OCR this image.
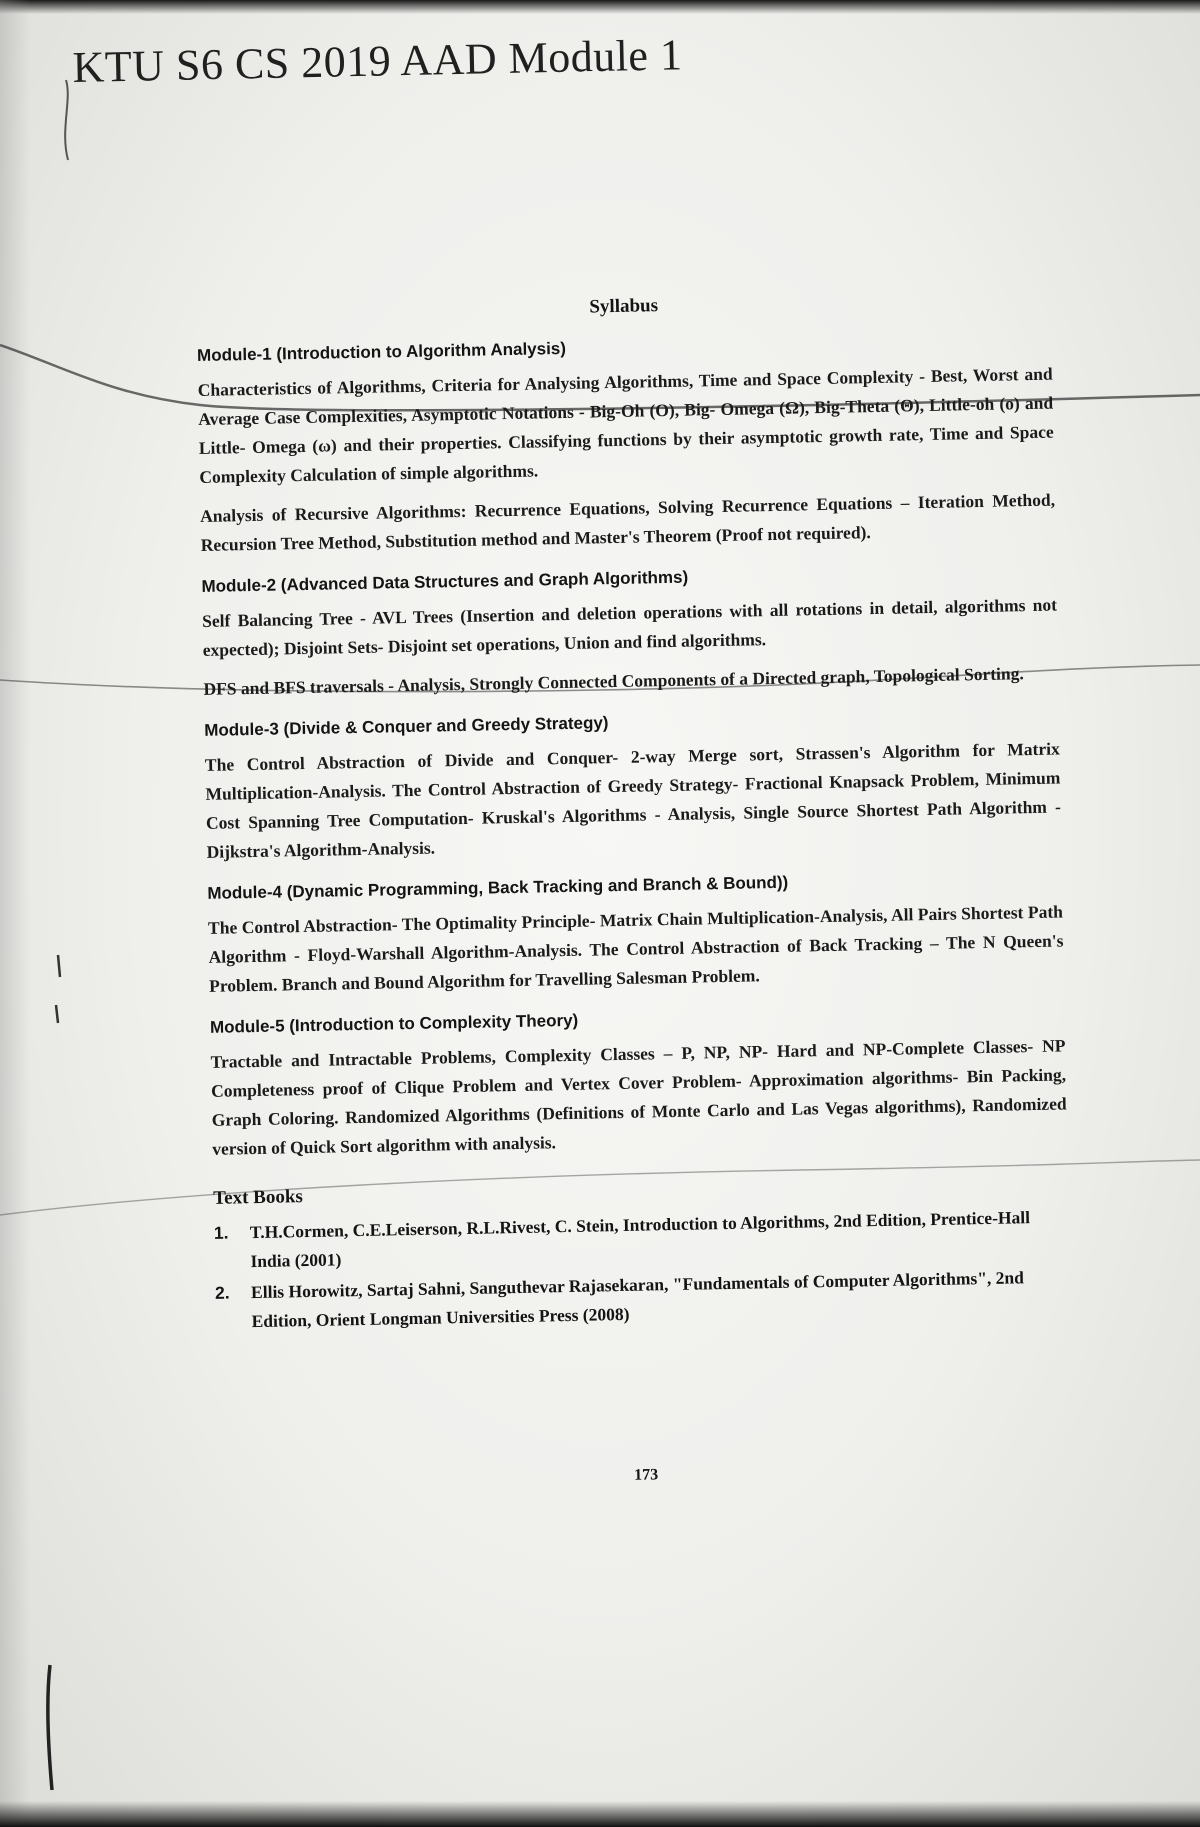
KTU S6 CS 2019 AAD Module 1
Syllabus
Module-1 (Introduction to Algorithm Analysis)

Characteristics of Algorithms, Criteria for Analysing Algorithms, Time and Space Complexity - Best, Worst and Average Case Complexities, Asymptotic Notations - Big-Oh (O), Big- Omega (Ω), Big-Theta (Θ), Little-oh (o) and Little- Omega (ω) and their properties. Classifying functions by their asymptotic growth rate, Time and Space Complexity Calculation of simple algorithms.

Analysis of Recursive Algorithms: Recurrence Equations, Solving Recurrence Equations – Iteration Method, Recursion Tree Method, Substitution method and Master's Theorem (Proof not required).

Module-2 (Advanced Data Structures and Graph Algorithms)

Self Balancing Tree - AVL Trees (Insertion and deletion operations with all rotations in detail, algorithms not expected); Disjoint Sets- Disjoint set operations, Union and find algorithms.

DFS and BFS traversals - Analysis, Strongly Connected Components of a Directed graph, Topological Sorting.

Module-3 (Divide & Conquer and Greedy Strategy)

The Control Abstraction of Divide and Conquer- 2-way Merge sort, Strassen's Algorithm for Matrix Multiplication-Analysis. The Control Abstraction of Greedy Strategy- Fractional Knapsack Problem, Minimum Cost Spanning Tree Computation- Kruskal's Algorithms - Analysis, Single Source Shortest Path Algorithm - Dijkstra's Algorithm-Analysis.

Module-4 (Dynamic Programming, Back Tracking and Branch & Bound))

The Control Abstraction- The Optimality Principle- Matrix Chain Multiplication-Analysis, All Pairs Shortest Path Algorithm - Floyd-Warshall Algorithm-Analysis. The Control Abstraction of Back Tracking – The N Queen's Problem. Branch and Bound Algorithm for Travelling Salesman Problem.

Module-5 (Introduction to Complexity Theory)

Tractable and Intractable Problems, Complexity Classes – P, NP, NP- Hard and NP-Complete Classes- NP Completeness proof of Clique Problem and Vertex Cover Problem- Approximation algorithms- Bin Packing, Graph Coloring. Randomized Algorithms (Definitions of Monte Carlo and Las Vegas algorithms), Randomized version of Quick Sort algorithm with analysis.

Text Books
1. T.H.Cormen, C.E.Leiserson, R.L.Rivest, C. Stein, Introduction to Algorithms, 2nd Edition, Prentice-Hall India (2001)
2. Ellis Horowitz, Sartaj Sahni, Sanguthevar Rajasekaran, "Fundamentals of Computer Algorithms", 2nd Edition, Orient Longman Universities Press (2008)
173
